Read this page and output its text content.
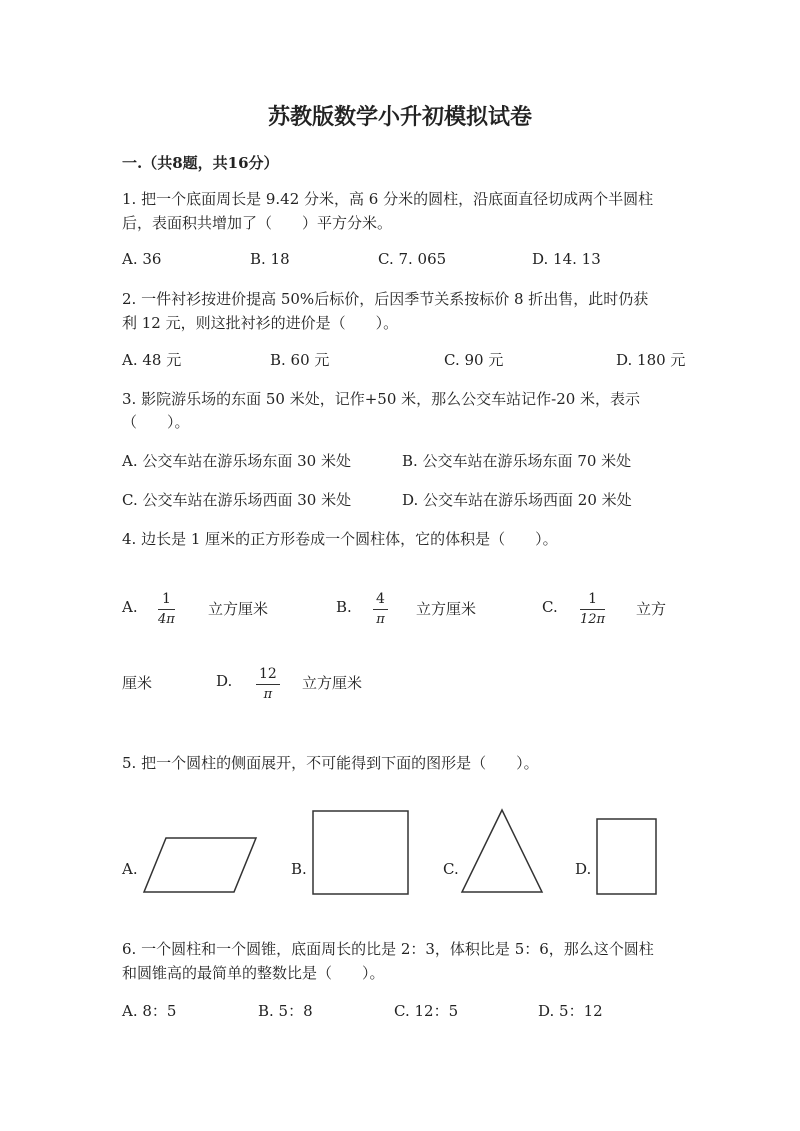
苏教版数学小升初模拟试卷
一.（共8题，共16分）
1. 把一个底面周长是 9.42 分米，高 6 分米的圆柱，沿底面直径切成两个半圆柱
后，表面积共增加了（　　）平方分米。
A. 36	B. 18	C. 7. 065	D. 14. 13
2. 一件衬衫按进价提高 50%后标价，后因季节关系按标价 8 折出售，此时仍获
利 12 元，则这批衬衫的进价是（　　）。
A. 48 元	B. 60 元	C. 90 元	D. 180 元
3. 影院游乐场的东面 50 米处，记作+50 米，那么公交车站记作-20 米，表示
（　　）。
A. 公交车站在游乐场东面 30 米处	B. 公交车站在游乐场东面 70 米处
C. 公交车站在游乐场西面 30 米处	D. 公交车站在游乐场西面 20 米处
4. 边长是 1 厘米的正方形卷成一个圆柱体，它的体积是（　　）。
A. $\frac{1}{4\pi}$ 立方厘米	B. $\frac{4}{\pi}$ 立方厘米	C. $\frac{1}{12\pi}$ 立方
厘米	D. $\frac{12}{\pi}$ 立方厘米
5. 把一个圆柱的侧面展开，不可能得到下面的图形是（　　）。
A.	B.	C.	D.
6. 一个圆柱和一个圆锥，底面周长的比是 2：3，体积比是 5：6，那么这个圆柱
和圆锥高的最简单的整数比是（　　）。
A. 8：5	B. 5：8	C. 12：5	D. 5：12
